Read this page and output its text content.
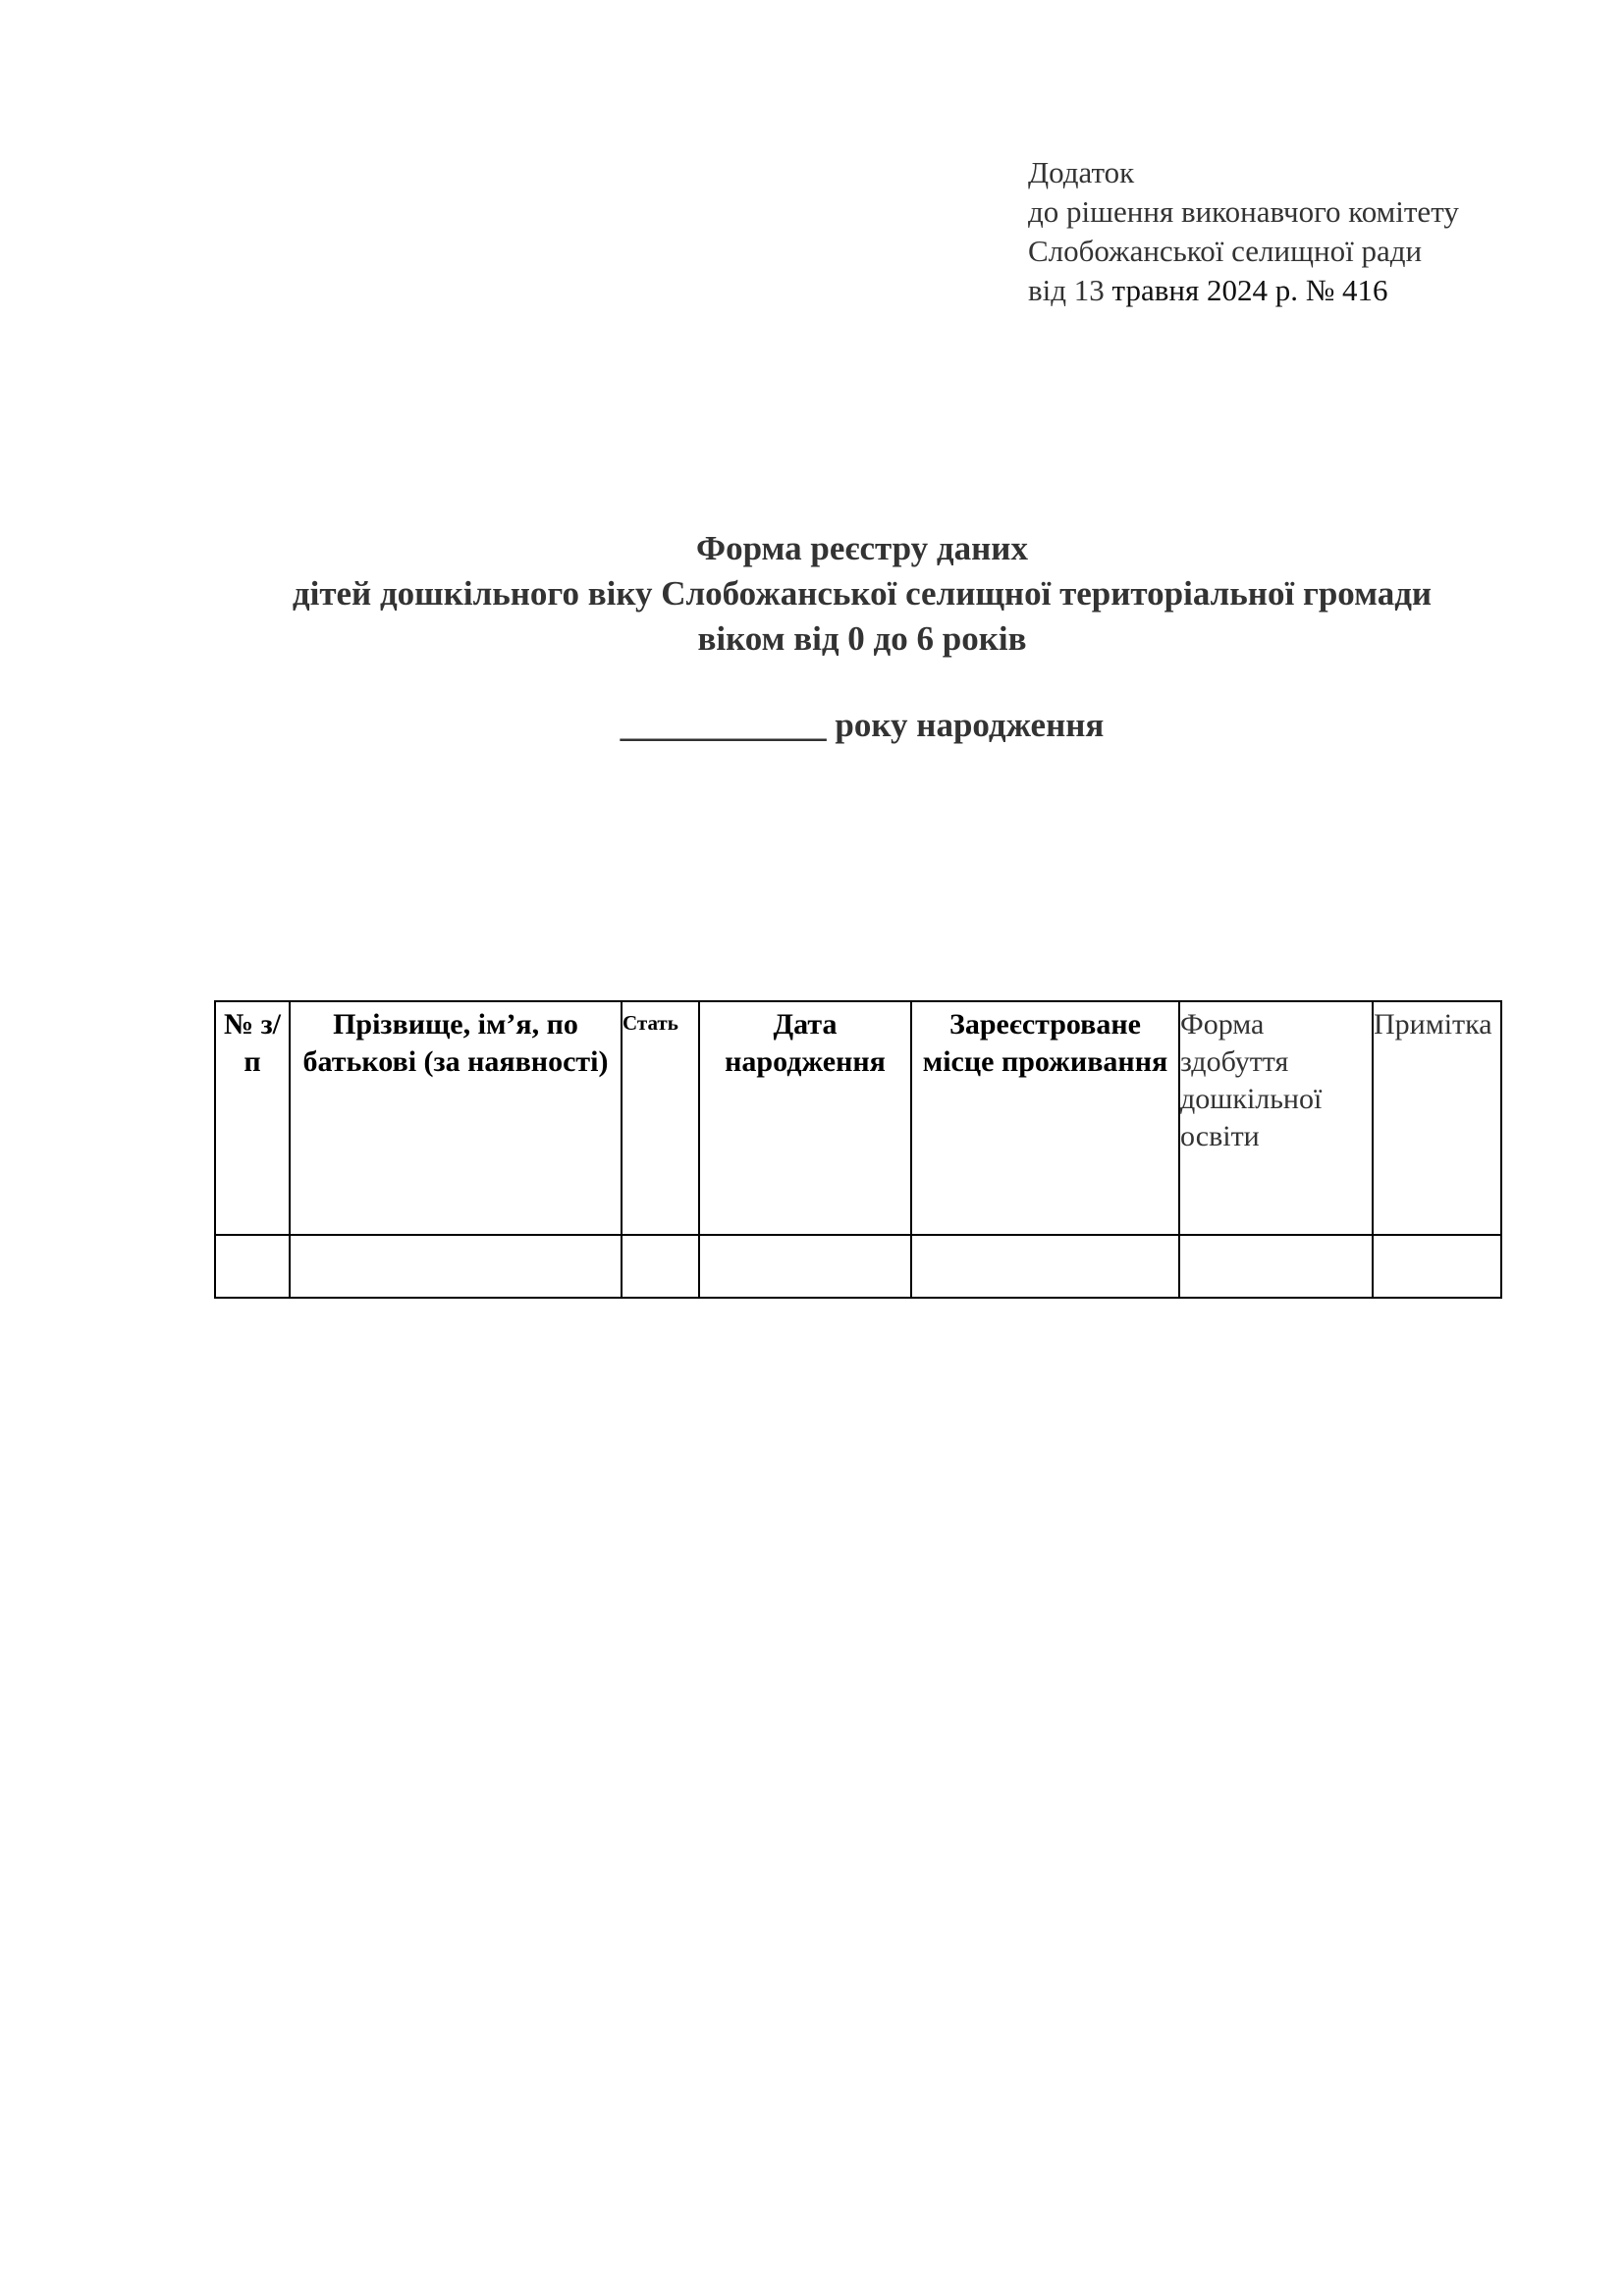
Додаток
до рішення виконавчого комітету
Слобожанської селищної ради
від 13 травня 2024 р. № 416
Форма реєстру даних
дітей дошкільного віку Слобожанської селищної територіальної громади
віком від 0 до 6 років
____________ року народження
№ з/п	Прізвище, ім’я, по батькові (за наявності)	Стать	Дата народження	Зареєстроване місце проживання	Форма здобуття дошкільної освіти	Примітка
